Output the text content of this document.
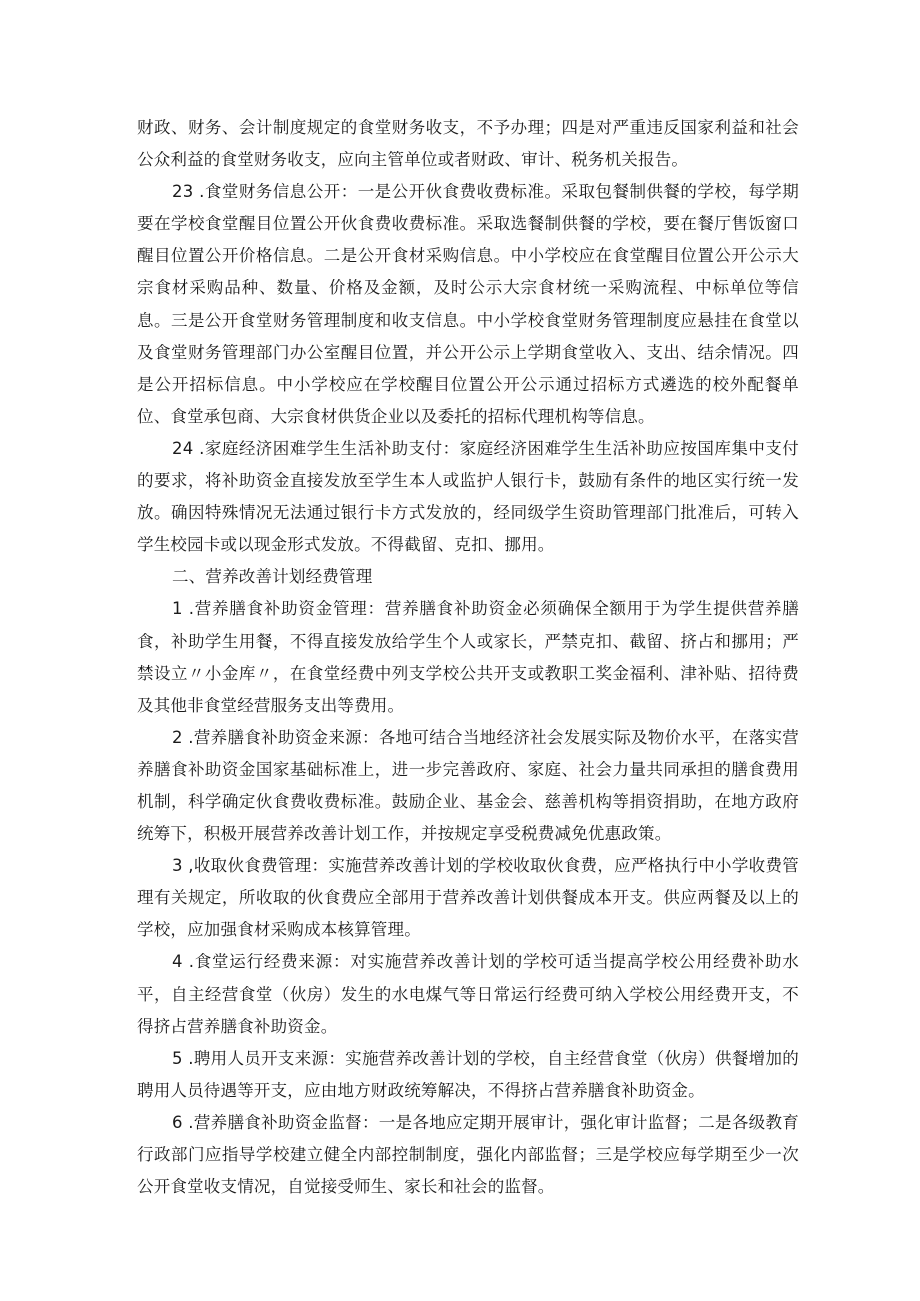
财政、财务、会计制度规定的食堂财务收支，不予办理；四是对严重违反国家利益和社会公众利益的食堂财务收支，应向主管单位或者财政、审计、税务机关报告。

23 .食堂财务信息公开：一是公开伙食费收费标准。采取包餐制供餐的学校，每学期要在学校食堂醒目位置公开伙食费收费标准。采取选餐制供餐的学校，要在餐厅售饭窗口醒目位置公开价格信息。二是公开食材采购信息。中小学校应在食堂醒目位置公开公示大宗食材采购品种、数量、价格及金额，及时公示大宗食材统一采购流程、中标单位等信息。三是公开食堂财务管理制度和收支信息。中小学校食堂财务管理制度应悬挂在食堂以及食堂财务管理部门办公室醒目位置，并公开公示上学期食堂收入、支出、结余情况。四是公开招标信息。中小学校应在学校醒目位置公开公示通过招标方式遴选的校外配餐单位、食堂承包商、大宗食材供货企业以及委托的招标代理机构等信息。

24 .家庭经济困难学生生活补助支付：家庭经济困难学生生活补助应按国库集中支付的要求，将补助资金直接发放至学生本人或监护人银行卡，鼓励有条件的地区实行统一发放。确因特殊情况无法通过银行卡方式发放的，经同级学生资助管理部门批准后，可转入学生校园卡或以现金形式发放。不得截留、克扣、挪用。

二、营养改善计划经费管理

1 .营养膳食补助资金管理：营养膳食补助资金必须确保全额用于为学生提供营养膳食，补助学生用餐，不得直接发放给学生个人或家长，严禁克扣、截留、挤占和挪用；严禁设立〃小金库〃，在食堂经费中列支学校公共开支或教职工奖金福利、津补贴、招待费及其他非食堂经营服务支出等费用。

2 .营养膳食补助资金来源：各地可结合当地经济社会发展实际及物价水平，在落实营养膳食补助资金国家基础标准上，进一步完善政府、家庭、社会力量共同承担的膳食费用机制，科学确定伙食费收费标准。鼓励企业、基金会、慈善机构等捐资捐助，在地方政府统筹下，积极开展营养改善计划工作，并按规定享受税费减免优惠政策。

3 ,收取伙食费管理：实施营养改善计划的学校收取伙食费，应严格执行中小学收费管理有关规定，所收取的伙食费应全部用于营养改善计划供餐成本开支。供应两餐及以上的学校，应加强食材采购成本核算管理。

4 .食堂运行经费来源：对实施营养改善计划的学校可适当提高学校公用经费补助水平，自主经营食堂（伙房）发生的水电煤气等日常运行经费可纳入学校公用经费开支，不得挤占营养膳食补助资金。

5 .聘用人员开支来源：实施营养改善计划的学校，自主经营食堂（伙房）供餐增加的聘用人员待遇等开支，应由地方财政统筹解决，不得挤占营养膳食补助资金。

6 .营养膳食补助资金监督：一是各地应定期开展审计，强化审计监督；二是各级教育行政部门应指导学校建立健全内部控制制度，强化内部监督；三是学校应每学期至少一次公开食堂收支情况，自觉接受师生、家长和社会的监督。
